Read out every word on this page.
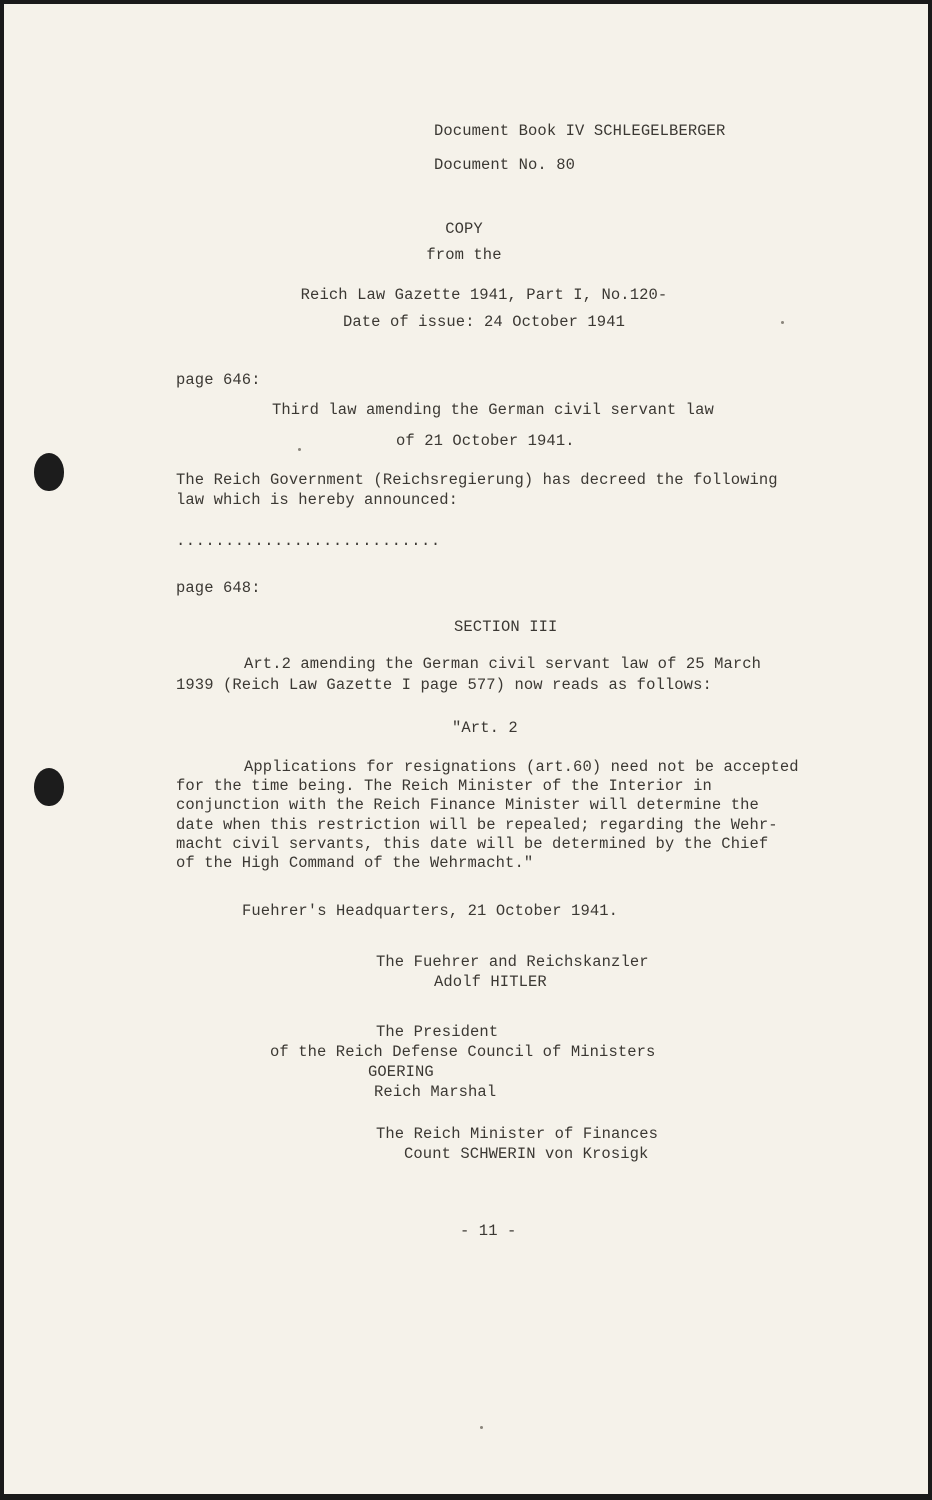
Document Book IV SCHLEGELBERGER
Document No. 80
COPY
from the
Reich Law Gazette 1941, Part I, No.120-
Date of issue: 24 October 1941
page 646:
Third law amending the German civil servant law
of 21 October 1941.
The Reich Government (Reichsregierung) has decreed the following
law which is hereby announced:
...........................
page 648:
SECTION III
Art.2 amending the German civil servant law of 25 March
1939 (Reich Law Gazette I page 577) now reads as follows:
"Art. 2
Applications for resignations (art.60) need not be accepted
for the time being. The Reich Minister of the Interior in
conjunction with the Reich Finance Minister will determine the
date when this restriction will be repealed; regarding the Wehr-
macht civil servants, this date will be determined by the Chief
of the High Command of the Wehrmacht."
Fuehrer's Headquarters, 21 October 1941.
The Fuehrer and Reichskanzler
Adolf HITLER
The President
of the Reich Defense Council of Ministers
GOERING
Reich Marshal
The Reich Minister of Finances
Count SCHWERIN von Krosigk
- 11 -
